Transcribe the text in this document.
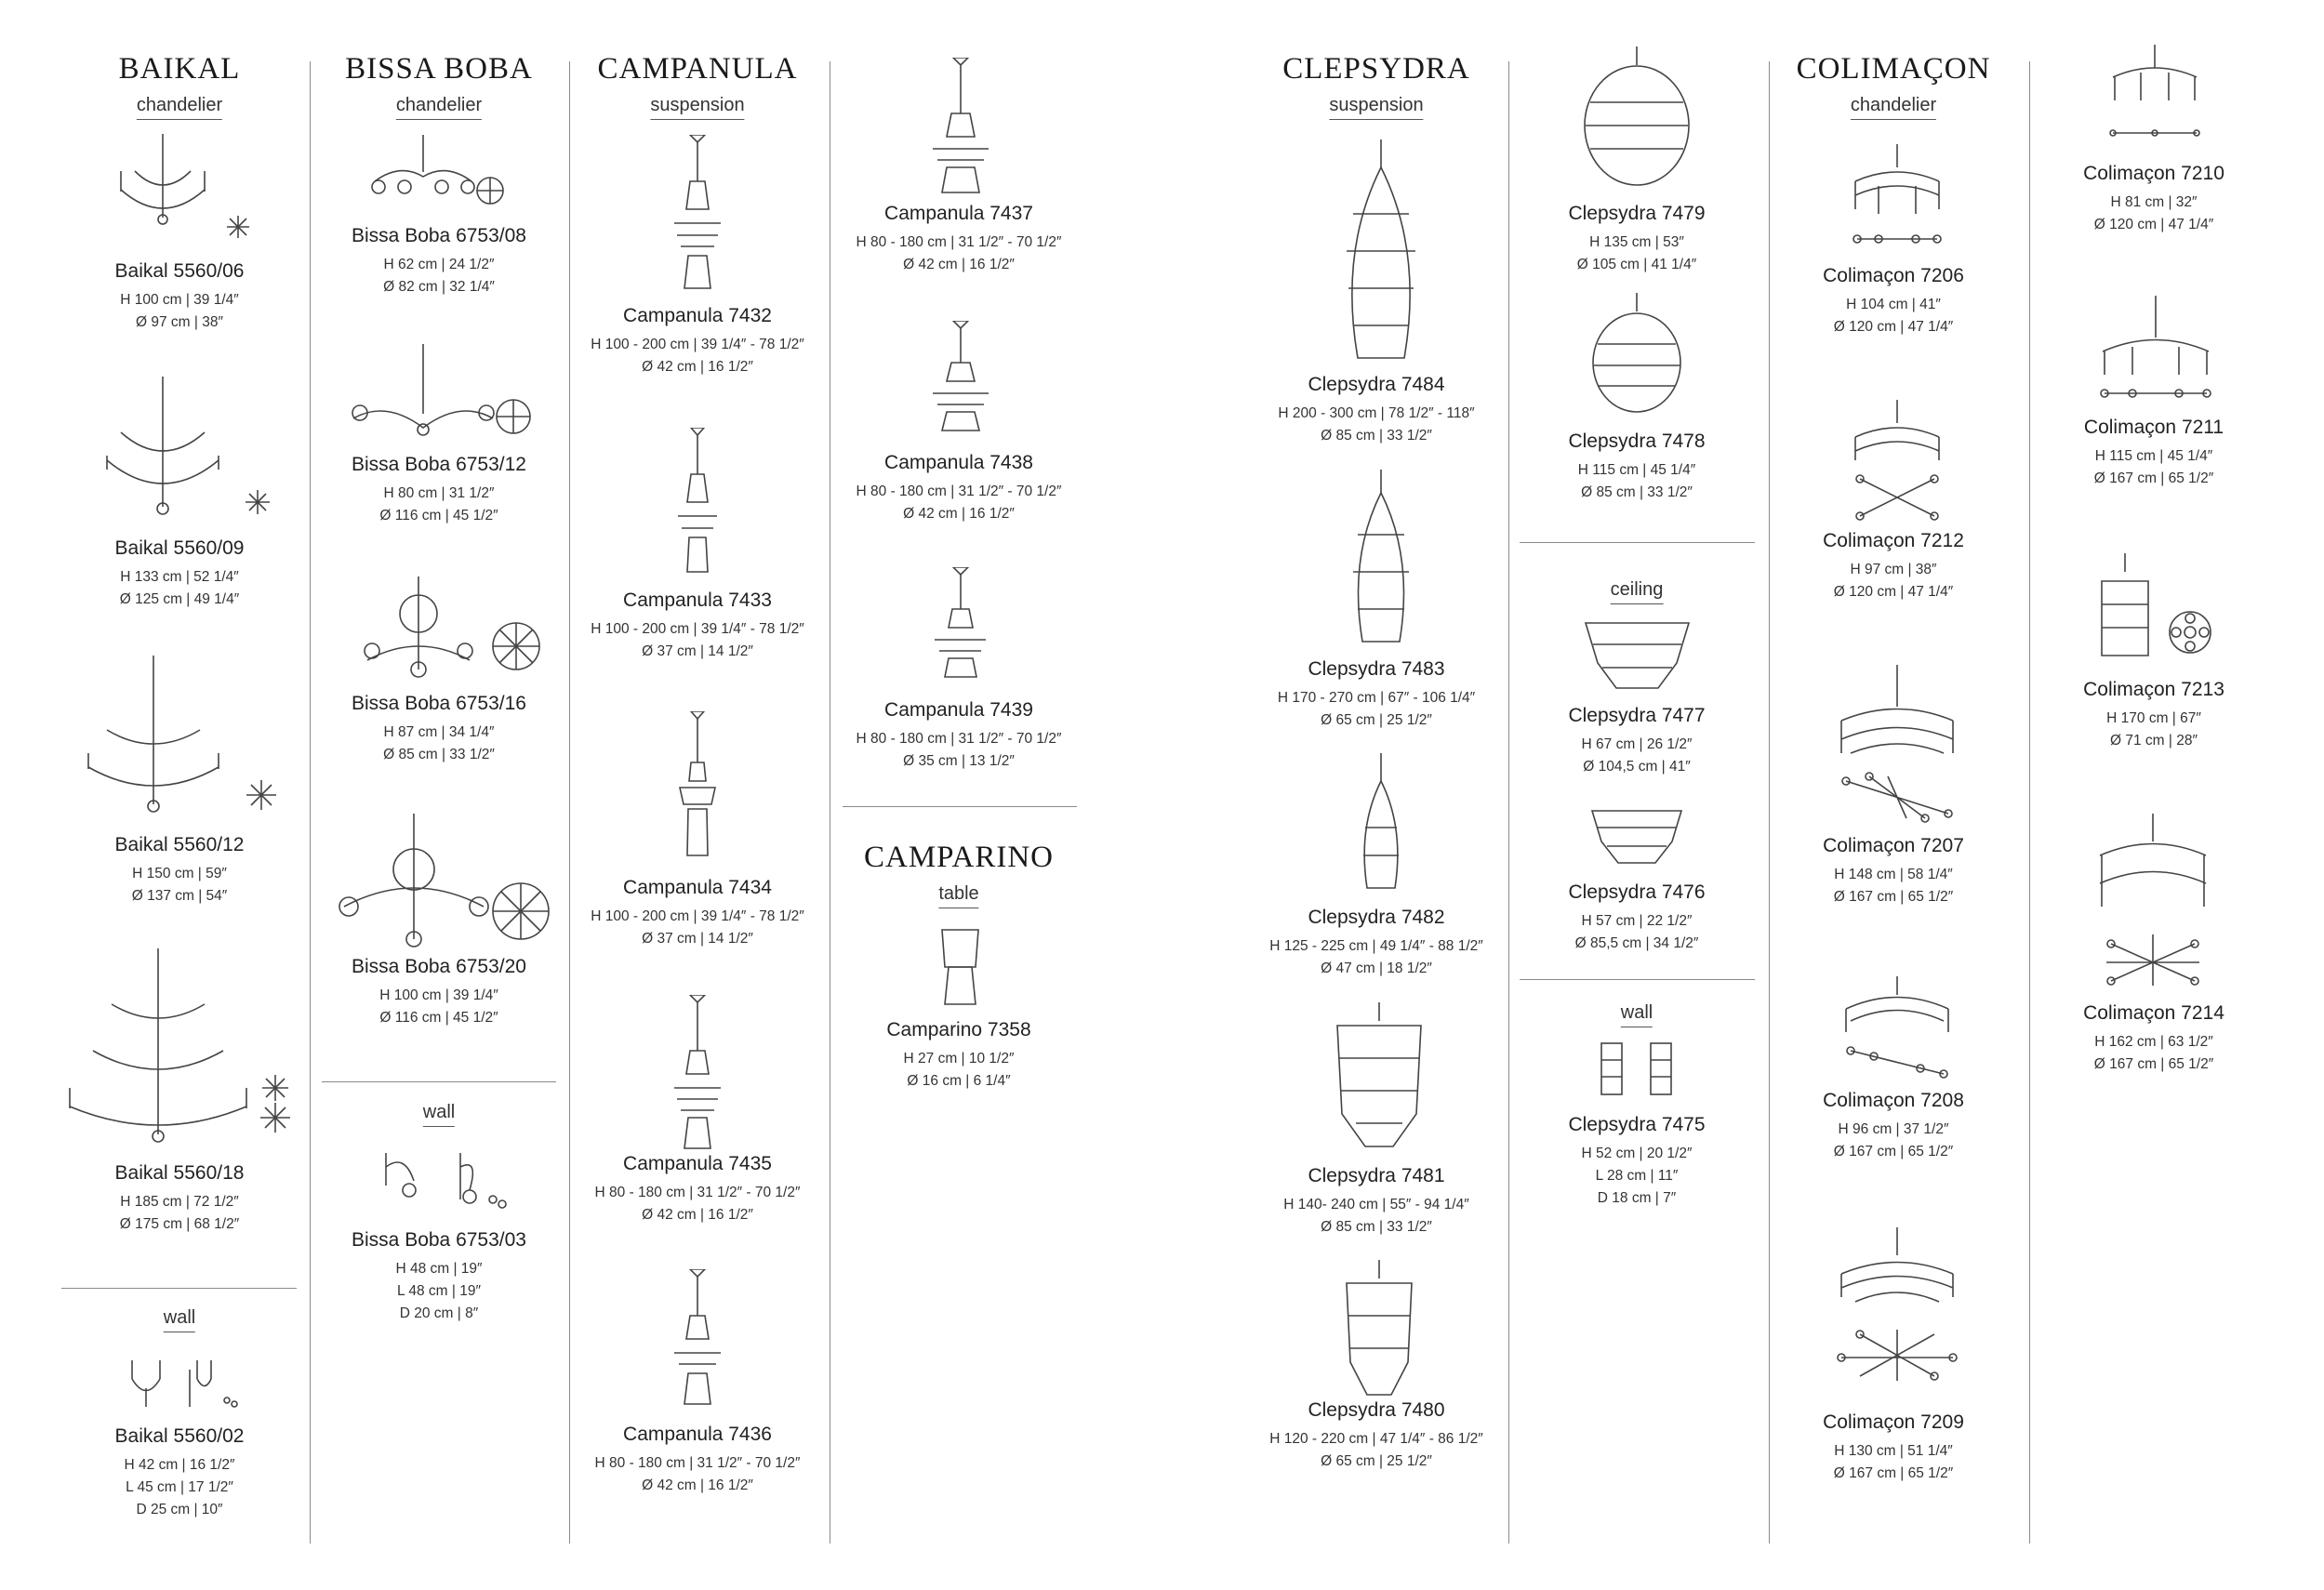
BAIKAL
chandelier
BISSA BOBA
chandelier
CAMPANULA
suspension
CAMPARINO
table
CLEPSYDRA
suspension
COLIMAÇON
chandelier
wall
wall
ceiling
wall
Baikal 5560/06
H 100 cm | 39 1/4″
Ø 97 cm | 38″
Baikal 5560/09
H 133 cm | 52 1/4″
Ø 125 cm | 49 1/4″
Baikal 5560/12
H 150 cm | 59″
Ø 137 cm | 54″
Baikal 5560/18
H 185 cm | 72 1/2″
Ø 175 cm | 68 1/2″
Baikal 5560/02
H 42 cm | 16 1/2″
L 45 cm | 17 1/2″
D 25 cm | 10″
Bissa Boba 6753/08
H 62 cm | 24 1/2″
Ø 82 cm | 32 1/4″
Bissa Boba 6753/12
H 80 cm | 31 1/2″
Ø 116 cm | 45 1/2″
Bissa Boba 6753/16
H 87 cm | 34 1/4″
Ø 85 cm | 33 1/2″
Bissa Boba 6753/20
H 100 cm | 39 1/4″
Ø 116 cm | 45 1/2″
Bissa Boba 6753/03
H 48 cm | 19″
L 48 cm | 19″
D 20 cm | 8″
Campanula 7432
H 100 - 200 cm | 39 1/4″ - 78 1/2″
Ø 42 cm | 16 1/2″
Campanula 7433
H 100 - 200 cm | 39 1/4″ - 78 1/2″
Ø 37 cm | 14 1/2″
Campanula 7434
H 100 - 200 cm | 39 1/4″ - 78 1/2″
Ø 37 cm | 14 1/2″
Campanula 7435
H 80 - 180 cm | 31 1/2″ - 70 1/2″
Ø 42 cm | 16 1/2″
Campanula 7436
H 80 - 180 cm | 31 1/2″ - 70 1/2″
Ø 42 cm | 16 1/2″
Campanula 7437
H 80 - 180 cm | 31 1/2″ - 70 1/2″
Ø 42 cm | 16 1/2″
Campanula 7438
H 80 - 180 cm | 31 1/2″ - 70 1/2″
Ø 42 cm | 16 1/2″
Campanula 7439
H 80 - 180 cm | 31 1/2″ - 70 1/2″
Ø 35 cm | 13 1/2″
Camparino 7358
H 27 cm | 10 1/2″
Ø 16 cm | 6 1/4″
Clepsydra 7484
H 200 - 300 cm | 78 1/2″ - 118″
Ø 85 cm | 33 1/2″
Clepsydra 7483
H 170 - 270 cm | 67″ - 106 1/4″
Ø 65 cm | 25 1/2″
Clepsydra 7482
H 125 - 225 cm | 49 1/4″ - 88 1/2″
Ø 47 cm | 18 1/2″
Clepsydra 7481
H 140- 240 cm | 55″ - 94 1/4″
Ø 85 cm | 33 1/2″
Clepsydra 7480
H 120 - 220 cm | 47 1/4″ - 86 1/2″
Ø 65 cm | 25 1/2″
Clepsydra 7479
H 135 cm | 53″
Ø 105 cm | 41 1/4″
Clepsydra 7478
H 115 cm | 45 1/4″
Ø 85 cm | 33 1/2″
Clepsydra 7477
H 67 cm | 26 1/2″
Ø 104,5 cm | 41″
Clepsydra 7476
H 57 cm | 22 1/2″
Ø 85,5 cm | 34 1/2″
Clepsydra 7475
H 52 cm | 20 1/2″
L 28 cm | 11″
D 18 cm | 7″
Colimaçon 7206
H 104 cm | 41″
Ø 120 cm | 47 1/4″
Colimaçon 7212
H 97 cm | 38″
Ø 120 cm | 47 1/4″
Colimaçon 7207
H 148 cm | 58 1/4″
Ø 167 cm | 65 1/2″
Colimaçon 7208
H 96 cm | 37 1/2″
Ø 167 cm | 65 1/2″
Colimaçon 7209
H 130 cm | 51 1/4″
Ø 167 cm | 65 1/2″
Colimaçon 7210
H 81 cm | 32″
Ø 120 cm | 47 1/4″
Colimaçon 7211
H 115 cm | 45 1/4″
Ø 167 cm | 65 1/2″
Colimaçon 7213
H 170 cm | 67″
Ø 71 cm | 28″
Colimaçon 7214
H 162 cm | 63 1/2″
Ø 167 cm | 65 1/2″
